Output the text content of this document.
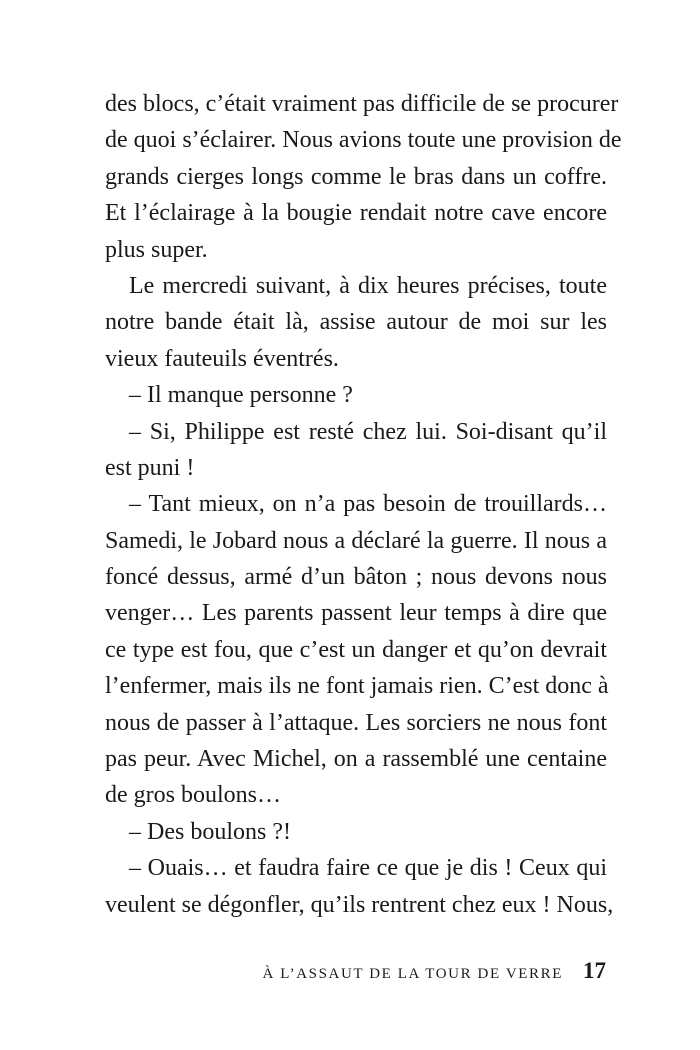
des blocs, c’était vraiment pas difficile de se procurer
de quoi s’éclairer. Nous avions toute une provision de
grands cierges longs comme le bras dans un coffre.
Et l’éclairage à la bougie rendait notre cave encore
plus super.
Le mercredi suivant, à dix heures précises, toute
notre bande était là, assise autour de moi sur les
vieux fauteuils éventrés.
– Il manque personne ?
– Si, Philippe est resté chez lui. Soi-disant qu’il
est puni !
– Tant mieux, on n’a pas besoin de trouillards…
Samedi, le Jobard nous a déclaré la guerre. Il nous a
foncé dessus, armé d’un bâton ; nous devons nous
venger… Les parents passent leur temps à dire que
ce type est fou, que c’est un danger et qu’on devrait
l’enfermer, mais ils ne font jamais rien. C’est donc à
nous de passer à l’attaque. Les sorciers ne nous font
pas peur. Avec Michel, on a rassemblé une centaine
de gros boulons…
– Des boulons ?!
– Ouais… et faudra faire ce que je dis ! Ceux qui
veulent se dégonfler, qu’ils rentrent chez eux ! Nous,
À L’ASSAUT DE LA TOUR DE VERRE 17
